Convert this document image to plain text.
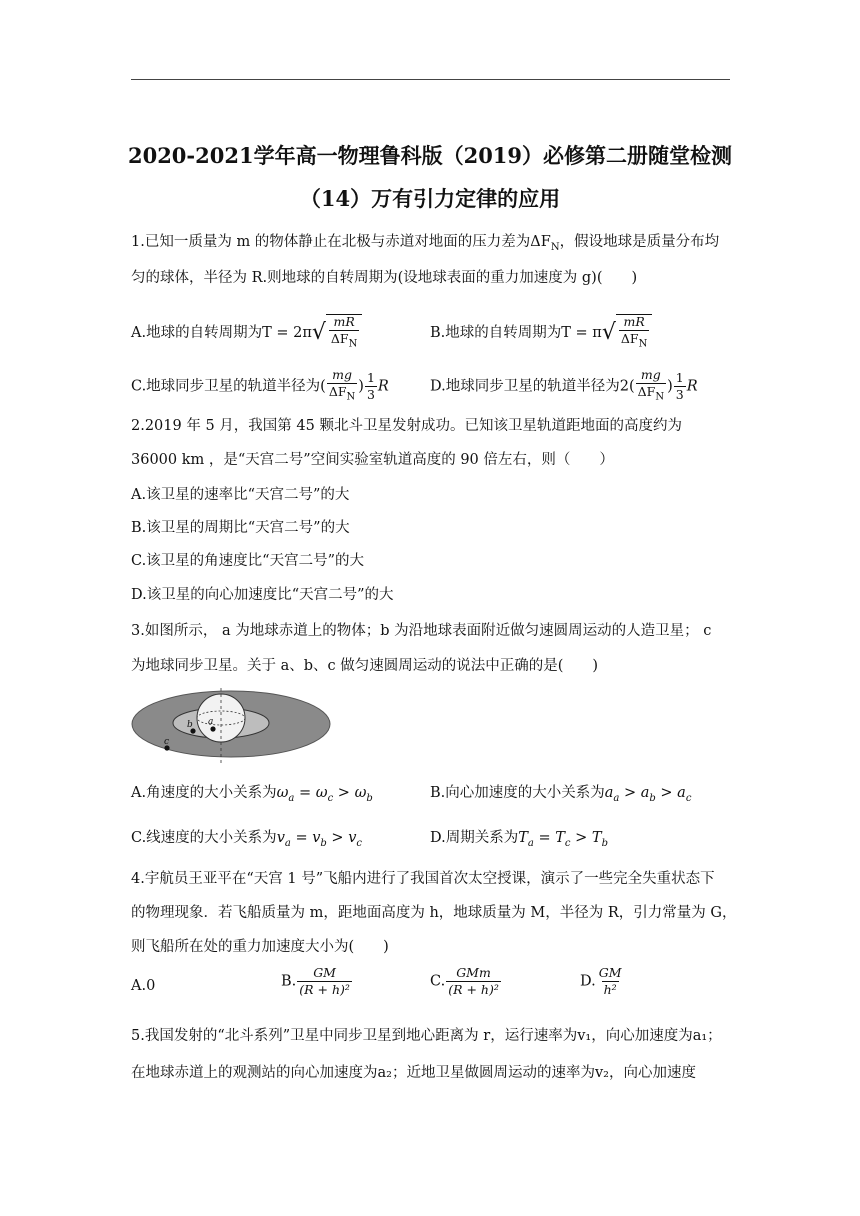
2020-2021学年高一物理鲁科版（2019）必修第二册随堂检测
（14）万有引力定律的应用
1.已知一质量为 m 的物体静止在北极与赤道对地面的压力差为$\Delta F_N$，假设地球是质量分布均
匀的球体，半径为 R.则地球的自转周期为(设地球表面的重力加速度为 g)(　　)
A.地球的自转周期为$T = 2\pi√ \frac{mR}{\Delta F_N}$	B.地球的自转周期为$T = \pi√ \frac{mR}{\Delta F_N}$
C.地球同步卫星的轨道半径为( $\frac{mg}{\Delta F_N}$ ) $\frac{1}{3}$ R	D.地球同步卫星的轨道半径为$2( \frac{mg}{\Delta F_N}$ ) $\frac{1}{3}$ R
2.2019 年 5 月，我国第 45 颗北斗卫星发射成功。已知该卫星轨道距地面的高度约为
36000 km ，是“天宫二号”空间实验室轨道高度的 90 倍左右，则（　　）
A.该卫星的速率比“天宫二号”的大
B.该卫星的周期比“天宫二号”的大
C.该卫星的角速度比“天宫二号”的大
D.该卫星的向心加速度比“天宫二号”的大
3.如图所示， a 为地球赤道上的物体；b 为沿地球表面附近做匀速圆周运动的人造卫星； c
为地球同步卫星。关于 a、b、c 做匀速圆周运动的说法中正确的是(　　)
a
b
c
A.角速度的大小关系为$\omega_a = \omega_c > \omega_b$	B.向心加速度的大小关系为$a_a > a_b > a_c$
C.线速度的大小关系为$v_a = v_b > v_c$	D.周期关系为$T_a = T_c > T_b$
4.宇航员王亚平在“天宫 1 号”飞船内进行了我国首次太空授课，演示了一些完全失重状态下
的物理现象．若飞船质量为 m，距地面高度为 h，地球质量为 M，半径为 R，引力常量为 G，
则飞船所在处的重力加速度大小为(　　)
A.0	B. $\frac{GM}{\text{(R + h)²}}$	C. $\frac{\text{GMm}}{\text{(R + h)²}}$	D. $\frac{GM}{\text{h²}}$
5.我国发射的“北斗系列”卫星中同步卫星到地心距离为 r，运行速率为v₁，向心加速度为a₁；
在地球赤道上的观测站的向心加速度为a₂；近地卫星做圆周运动的速率为v₂，向心加速度
